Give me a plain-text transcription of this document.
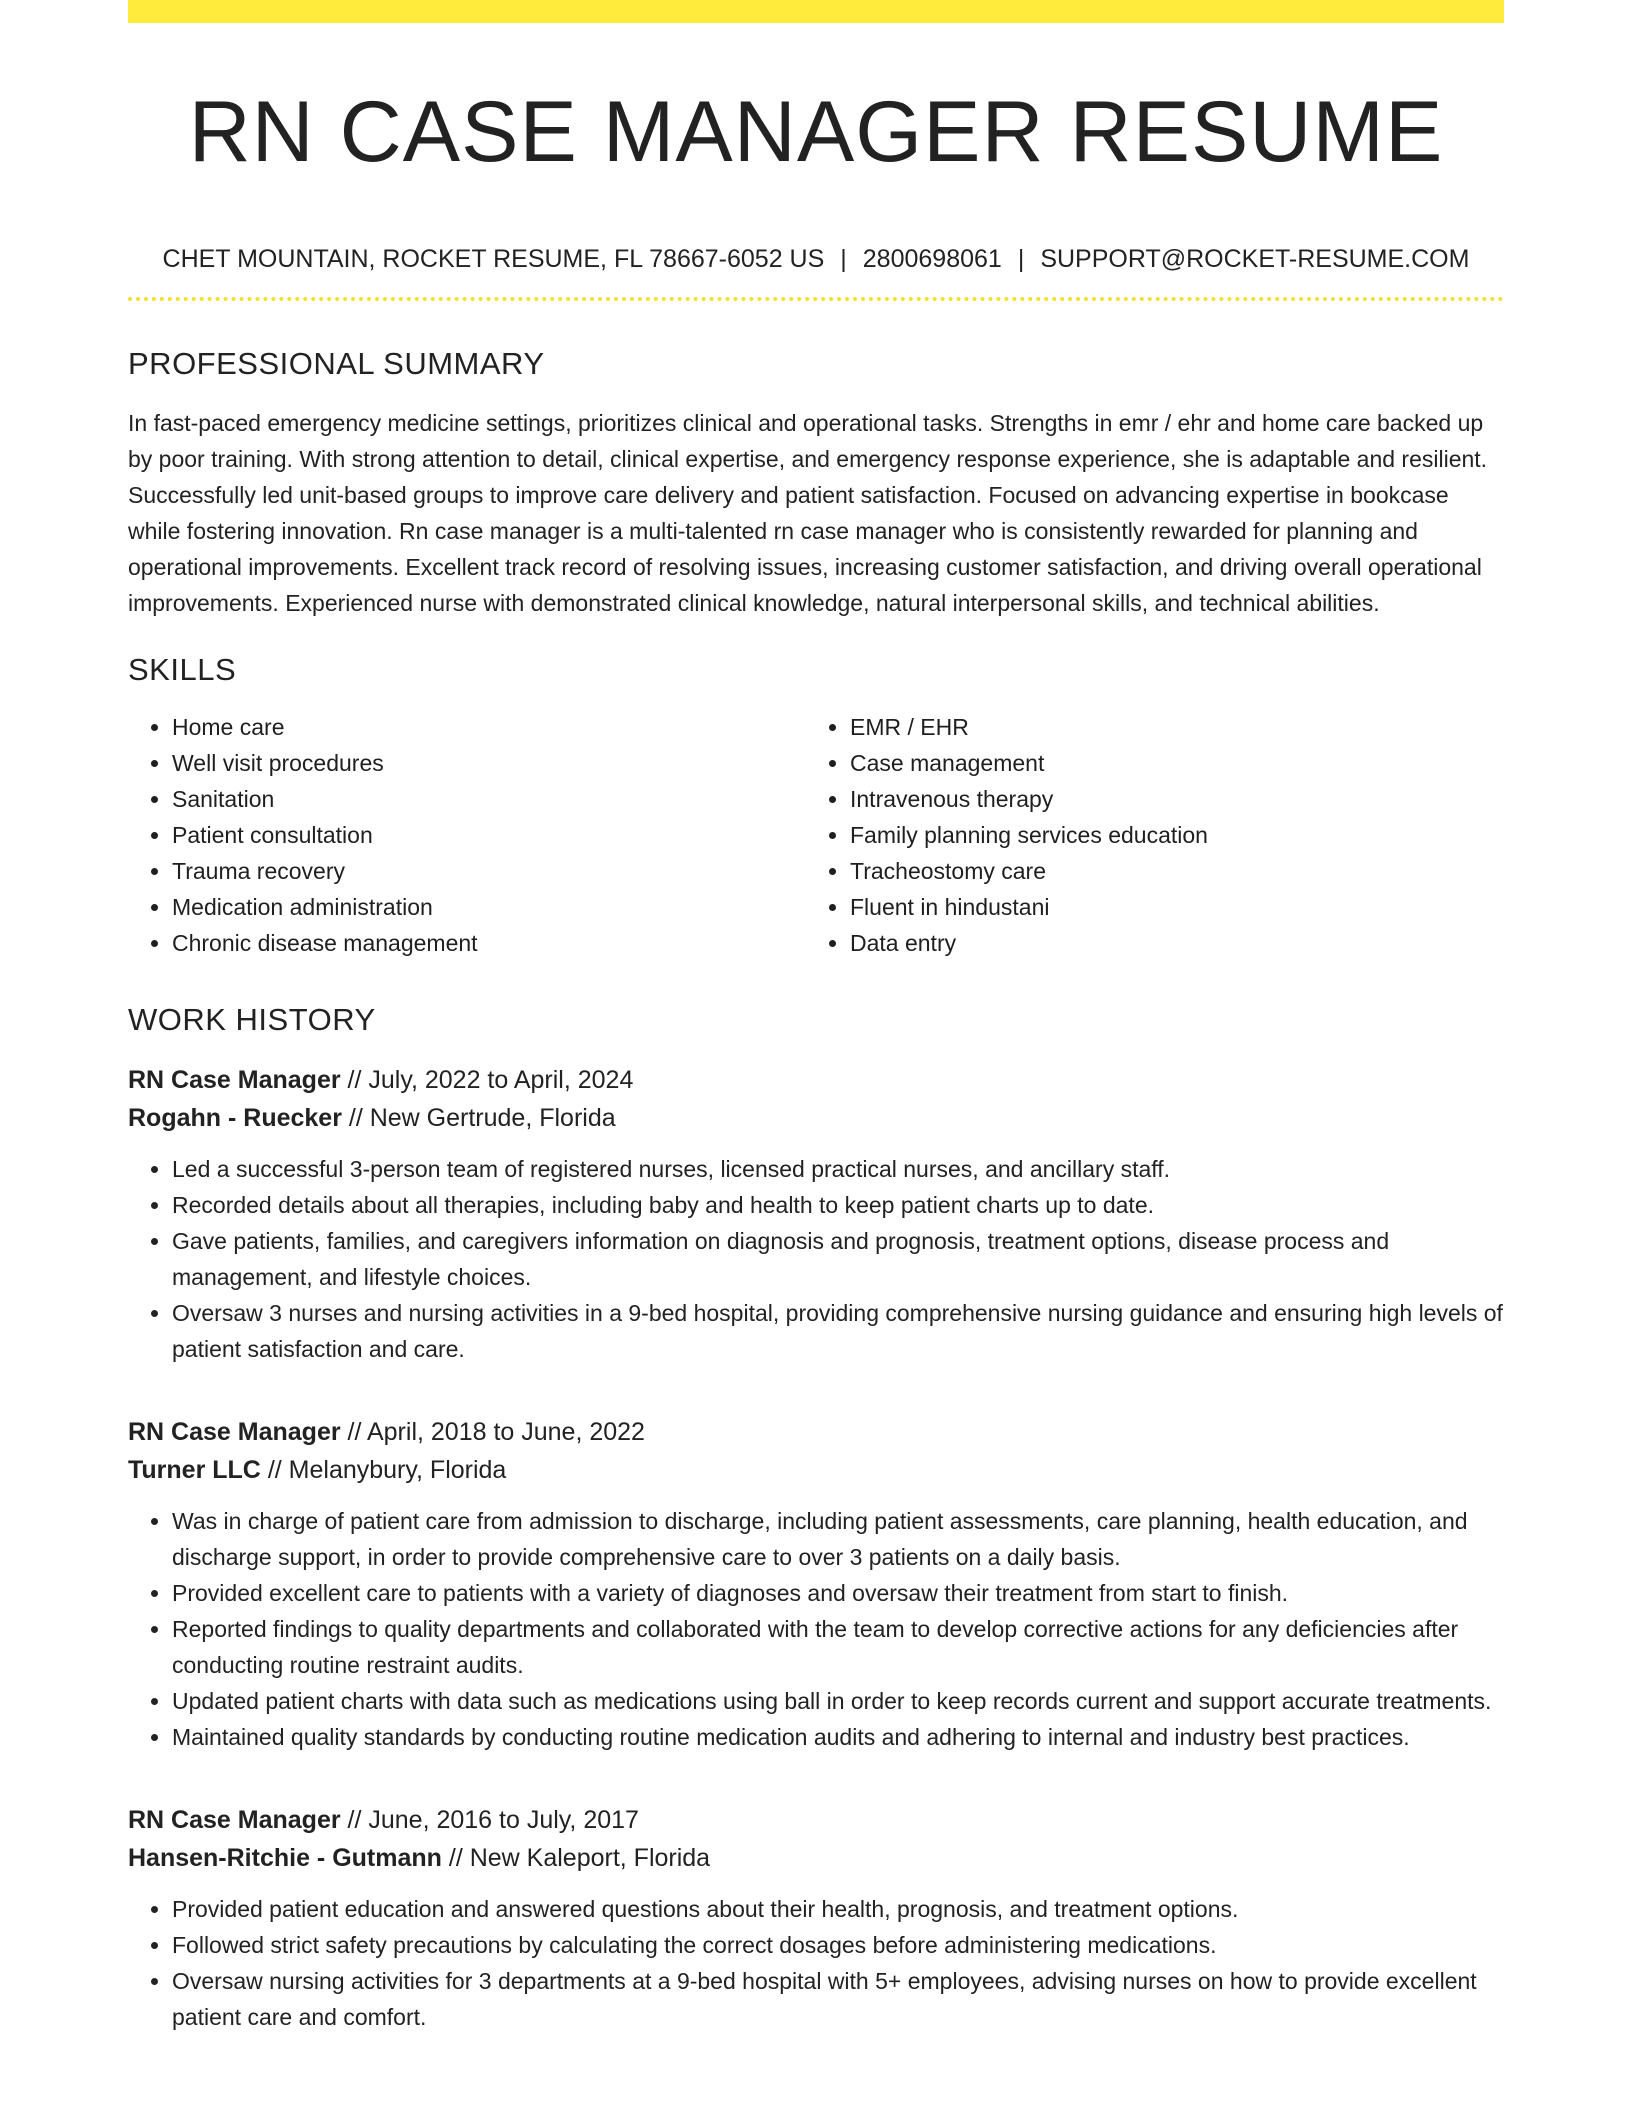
RN CASE MANAGER RESUME
CHET MOUNTAIN, ROCKET RESUME, FL 78667-6052 US | 2800698061 | SUPPORT@ROCKET-RESUME.COM
PROFESSIONAL SUMMARY

In fast-paced emergency medicine settings, prioritizes clinical and operational tasks. Strengths in emr / ehr and home care backed up by poor training. With strong attention to detail, clinical expertise, and emergency response experience, she is adaptable and resilient. Successfully led unit-based groups to improve care delivery and patient satisfaction. Focused on advancing expertise in bookcase while fostering innovation. Rn case manager is a multi-talented rn case manager who is consistently rewarded for planning and operational improvements. Excellent track record of resolving issues, increasing customer satisfaction, and driving overall operational improvements. Experienced nurse with demonstrated clinical knowledge, natural interpersonal skills, and technical abilities.

SKILLS
• Home care
• Well visit procedures
• Sanitation
• Patient consultation
• Trauma recovery
• Medication administration
• Chronic disease management
• EMR / EHR
• Case management
• Intravenous therapy
• Family planning services education
• Tracheostomy care
• Fluent in hindustani
• Data entry
WORK HISTORY
RN Case Manager // July, 2022 to April, 2024
Rogahn - Ruecker // New Gertrude, Florida
• Led a successful 3-person team of registered nurses, licensed practical nurses, and ancillary staff.
• Recorded details about all therapies, including baby and health to keep patient charts up to date.
• Gave patients, families, and caregivers information on diagnosis and prognosis, treatment options, disease process and management, and lifestyle choices.
• Oversaw 3 nurses and nursing activities in a 9-bed hospital, providing comprehensive nursing guidance and ensuring high levels of patient satisfaction and care.
RN Case Manager // April, 2018 to June, 2022
Turner LLC // Melanybury, Florida
• Was in charge of patient care from admission to discharge, including patient assessments, care planning, health education, and discharge support, in order to provide comprehensive care to over 3 patients on a daily basis.
• Provided excellent care to patients with a variety of diagnoses and oversaw their treatment from start to finish.
• Reported findings to quality departments and collaborated with the team to develop corrective actions for any deficiencies after conducting routine restraint audits.
• Updated patient charts with data such as medications using ball in order to keep records current and support accurate treatments.
• Maintained quality standards by conducting routine medication audits and adhering to internal and industry best practices.
RN Case Manager // June, 2016 to July, 2017
Hansen-Ritchie - Gutmann // New Kaleport, Florida
• Provided patient education and answered questions about their health, prognosis, and treatment options.
• Followed strict safety precautions by calculating the correct dosages before administering medications.
• Oversaw nursing activities for 3 departments at a 9-bed hospital with 5+ employees, advising nurses on how to provide excellent patient care and comfort.
